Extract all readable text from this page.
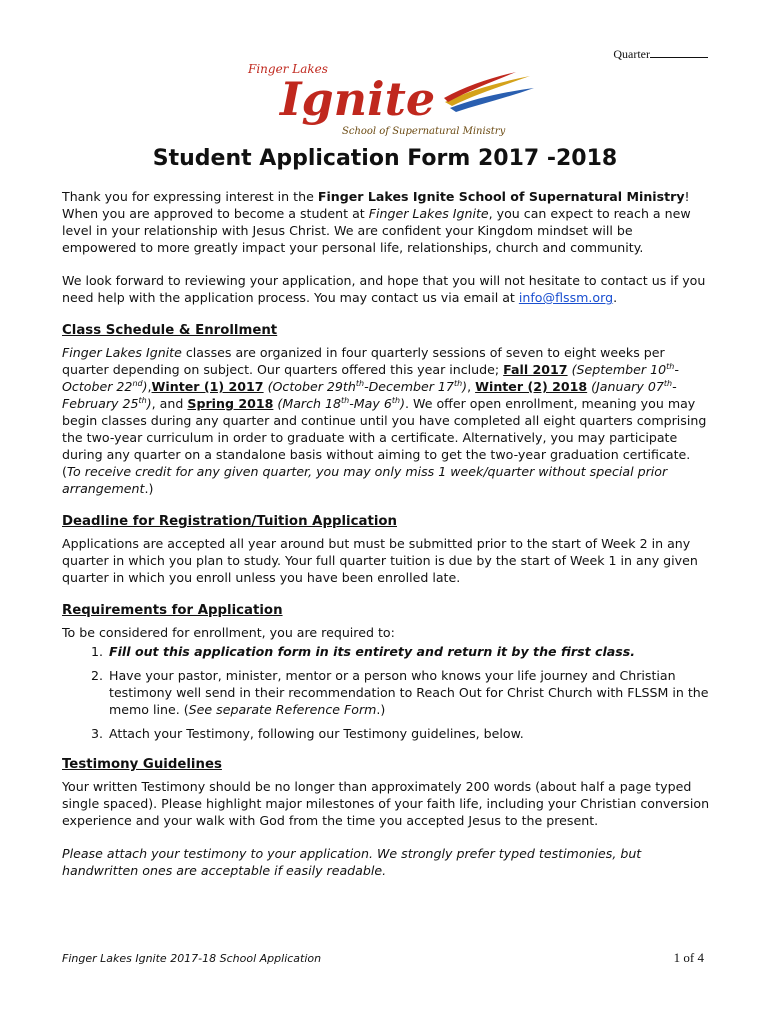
Quarter
Finger Lakes
Ignite
School of Supernatural Ministry
Student Application Form 2017 -2018

Thank you for expressing interest in the Finger Lakes Ignite School of Supernatural Ministry! When you are approved to become a student at Finger Lakes Ignite, you can expect to reach a new level in your relationship with Jesus Christ. We are confident your Kingdom mindset will be empowered to more greatly impact your personal life, relationships, church and community.

We look forward to reviewing your application, and hope that you will not hesitate to contact us if you need help with the application process. You may contact us via email at info@flssm.org.

Class Schedule & Enrollment

Finger Lakes Ignite classes are organized in four quarterly sessions of seven to eight weeks per quarter depending on subject. Our quarters offered this year include; Fall 2017 (September 10th-October 22nd),Winter (1) 2017 (October $29th^{th}$-December 17th), Winter (2) 2018 (January 07th-February 25th), and Spring 2018 (March 18th-May 6th). We offer open enrollment, meaning you may begin classes during any quarter and continue until you have completed all eight quarters comprising the two-year curriculum in order to graduate with a certificate. Alternatively, you may participate during any quarter on a standalone basis without aiming to get the two-year graduation certificate. (To receive credit for any given quarter, you may only miss 1 week/quarter without special prior arrangement.)

Deadline for Registration/Tuition Application

Applications are accepted all year around but must be submitted prior to the start of Week 2 in any quarter in which you plan to study. Your full quarter tuition is due by the start of Week 1 in any given quarter in which you enroll unless you have been enrolled late.

Requirements for Application
To be considered for enrollment, you are required to:
1. Fill out this application form in its entirety and return it by the first class.
2. Have your pastor, minister, mentor or a person who knows your life journey and Christian testimony well send in their recommendation to Reach Out for Christ Church with FLSSM in the memo line. (See separate Reference Form.)
3. Attach your Testimony, following our Testimony guidelines, below.
Testimony Guidelines

Your written Testimony should be no longer than approximately 200 words (about half a page typed single spaced). Please highlight major milestones of your faith life, including your Christian conversion experience and your walk with God from the time you accepted Jesus to the present.

Please attach your testimony to your application. We strongly prefer typed testimonies, but handwritten ones are acceptable if easily readable.

Finger Lakes Ignite 2017-18 School Application	1 of 4
